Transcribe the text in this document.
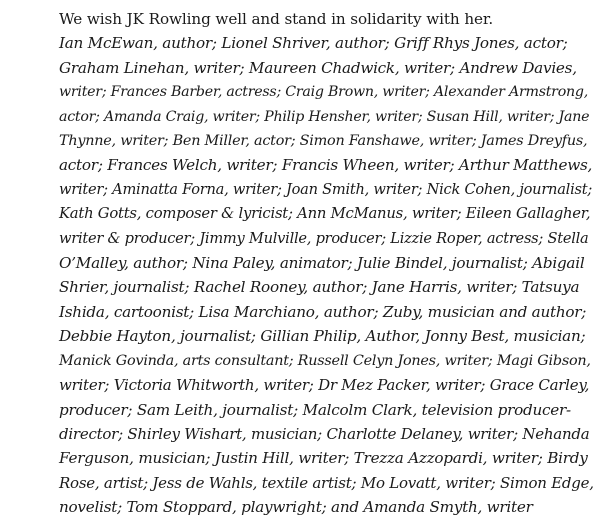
We wish JK Rowling well and stand in solidarity with her.

Ian McEwan, author; Lionel Shriver, author; Griff Rhys Jones, actor;
Graham Linehan, writer; Maureen Chadwick, writer; Andrew Davies,
writer; Frances Barber, actress; Craig Brown, writer; Alexander Armstrong,
actor; Amanda Craig, writer; Philip Hensher, writer; Susan Hill, writer; Jane
Thynne, writer; Ben Miller, actor; Simon Fanshawe, writer; James Dreyfus,
actor; Frances Welch, writer; Francis Wheen, writer; Arthur Matthews,
writer; Aminatta Forna, writer; Joan Smith, writer; Nick Cohen, journalist;
Kath Gotts, composer & lyricist; Ann McManus, writer; Eileen Gallagher,
writer & producer; Jimmy Mulville, producer; Lizzie Roper, actress; Stella
O’Malley, author; Nina Paley, animator; Julie Bindel, journalist; Abigail
Shrier, journalist; Rachel Rooney, author; Jane Harris, writer; Tatsuya
Ishida, cartoonist; Lisa Marchiano, author; Zuby, musician and author;
Debbie Hayton, journalist; Gillian Philip, Author, Jonny Best, musician;
Manick Govinda, arts consultant; Russell Celyn Jones, writer; Magi Gibson,
writer; Victoria Whitworth, writer; Dr Mez Packer, writer; Grace Carley,
producer; Sam Leith, journalist; Malcolm Clark, television producer-
director; Shirley Wishart, musician; Charlotte Delaney, writer; Nehanda
Ferguson, musician; Justin Hill, writer; Trezza Azzopardi, writer; Birdy
Rose, artist; Jess de Wahls, textile artist; Mo Lovatt, writer; Simon Edge,
novelist; Tom Stoppard, playwright; and Amanda Smyth, writer
